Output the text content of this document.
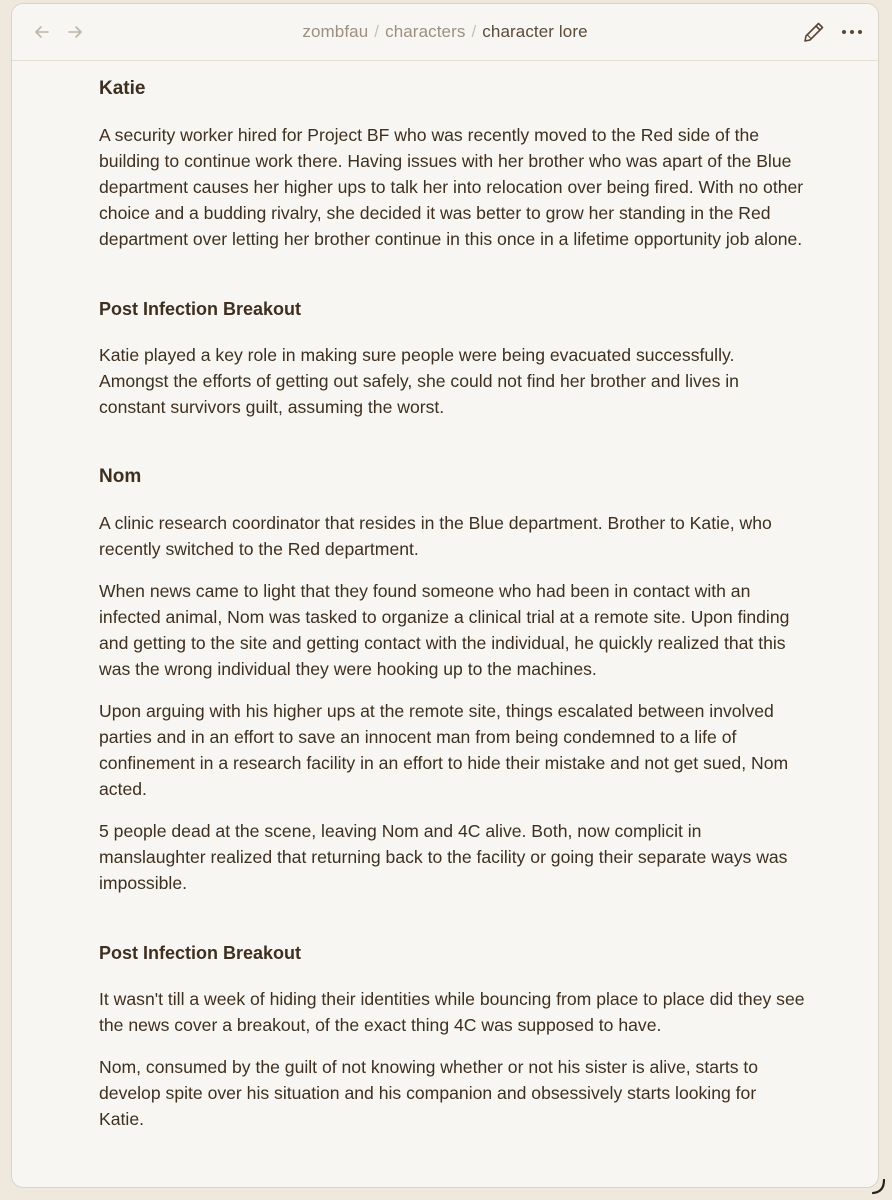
zombfau / characters / character lore
Katie

A security worker hired for Project BF who was recently moved to the Red side of the building to continue work there. Having issues with her brother who was apart of the Blue department causes her higher ups to talk her into relocation over being fired. With no other choice and a budding rivalry, she decided it was better to grow her standing in the Red department over letting her brother continue in this once in a lifetime opportunity job alone.

Post Infection Breakout

Katie played a key role in making sure people were being evacuated successfully. Amongst the efforts of getting out safely, she could not find her brother and lives in constant survivors guilt, assuming the worst.

Nom

A clinic research coordinator that resides in the Blue department. Brother to Katie, who recently switched to the Red department.

When news came to light that they found someone who had been in contact with an infected animal, Nom was tasked to organize a clinical trial at a remote site. Upon finding and getting to the site and getting contact with the individual, he quickly realized that this was the wrong individual they were hooking up to the machines.

Upon arguing with his higher ups at the remote site, things escalated between involved parties and in an effort to save an innocent man from being condemned to a life of confinement in a research facility in an effort to hide their mistake and not get sued, Nom acted.

5 people dead at the scene, leaving Nom and 4C alive. Both, now complicit in manslaughter realized that returning back to the facility or going their separate ways was impossible.

Post Infection Breakout

It wasn't till a week of hiding their identities while bouncing from place to place did they see the news cover a breakout, of the exact thing 4C was supposed to have.

Nom, consumed by the guilt of not knowing whether or not his sister is alive, starts to develop spite over his situation and his companion and obsessively starts looking for Katie.
